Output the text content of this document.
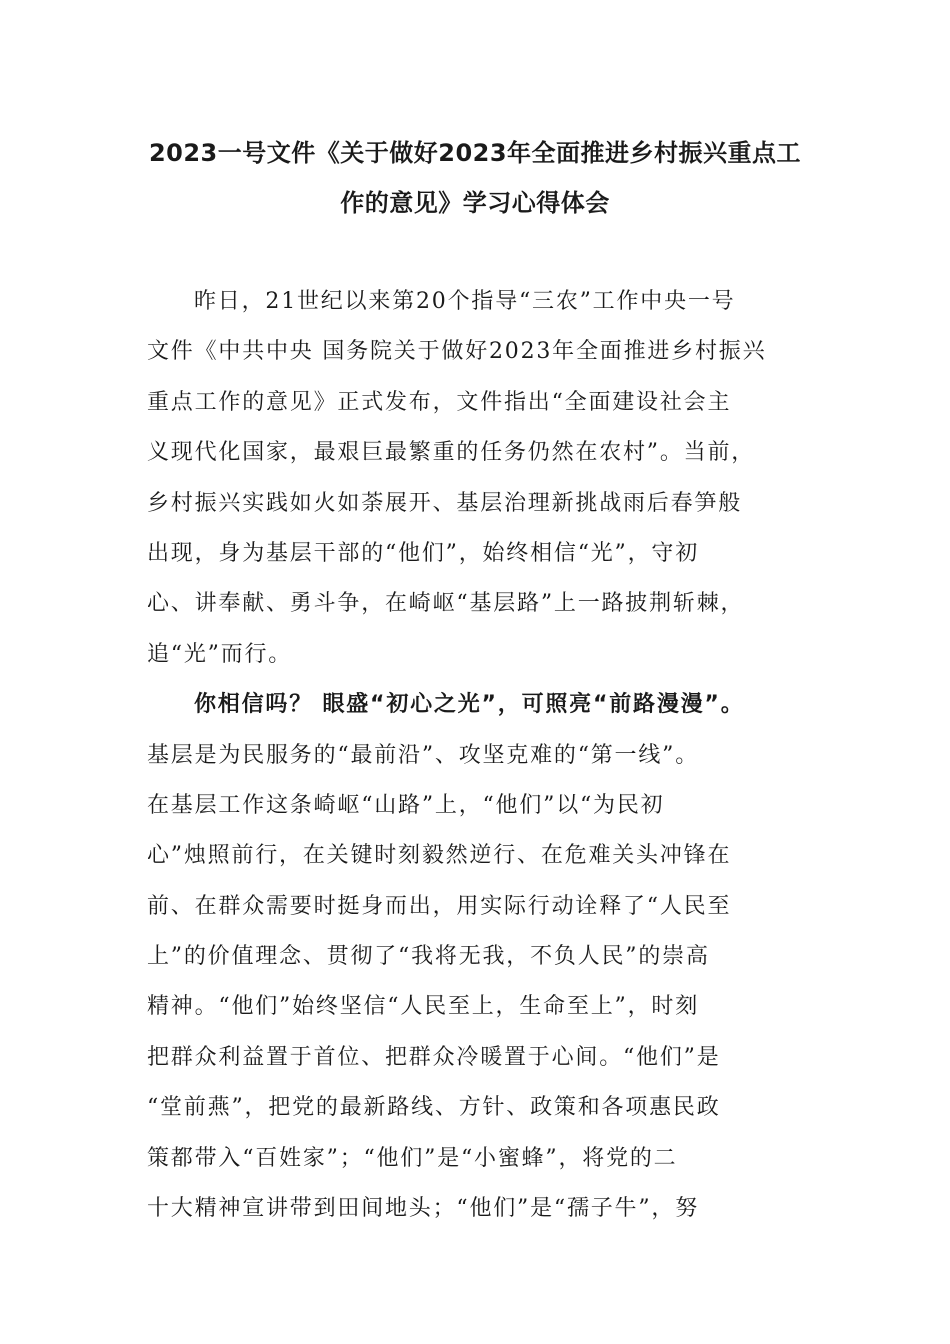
2023一号文件《关于做好2023年全面推进乡村振兴重点工
作的意见》学习心得体会
昨日，21世纪以来第20个指导“三农”工作中央一号
文件《中共中央 国务院关于做好2023年全面推进乡村振兴
重点工作的意见》正式发布，文件指出“全面建设社会主
义现代化国家，最艰巨最繁重的任务仍然在农村”。当前，
乡村振兴实践如火如荼展开、基层治理新挑战雨后春笋般
出现，身为基层干部的“他们”，始终相信“光”，守初
心、讲奉献、勇斗争，在崎岖“基层路”上一路披荆斩棘，
追“光”而行。
你相信吗？ 眼盛“初心之光”，可照亮“前路漫漫”。
基层是为民服务的“最前沿”、攻坚克难的“第一线”。
在基层工作这条崎岖“山路”上，“他们”以“为民初
心”烛照前行，在关键时刻毅然逆行、在危难关头冲锋在
前、在群众需要时挺身而出，用实际行动诠释了“人民至
上”的价值理念、贯彻了“我将无我，不负人民”的崇高
精神。“他们”始终坚信“人民至上，生命至上”，时刻
把群众利益置于首位、把群众冷暖置于心间。“他们”是
“堂前燕”，把党的最新路线、方针、政策和各项惠民政
策都带入“百姓家”；“他们”是“小蜜蜂”，将党的二
十大精神宣讲带到田间地头；“他们”是“孺子牛”，努
